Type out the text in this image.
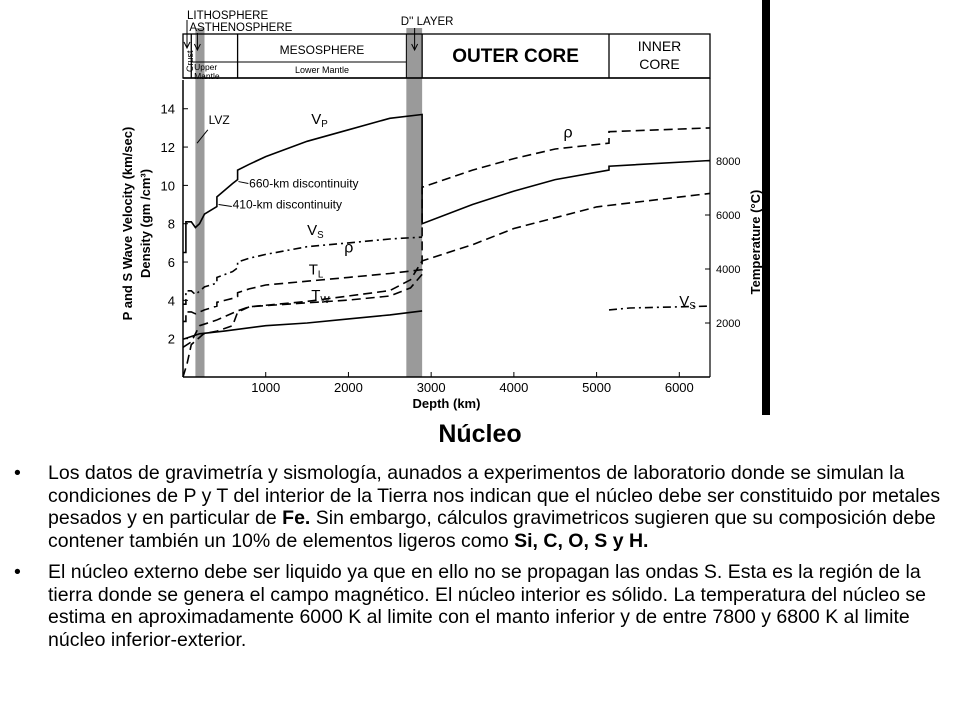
LITHOSPHERE
ASTHENOSPHERE	D'' LAYER
Crust Upper
Mantle
MESOSPHERE
Lower Mantle
OUTER CORE	INNER
CORE
1000	2000	3000	4000	5000	6000
2
4
6
8
10
12
14
2000
4000
6000
8000
Depth (km)
P and S Wave Velocity (km/sec) Density (gm /cm³)	Temperature (°C)
$V_P$
$V_S$
$V_S$
ρ
ρ
$T_L$
$T_W$
LVZ
660-km discontinuity
410-km discontinuity
Núcleo
• Los datos de gravimetría y sismología, aunados a experimentos de laboratorio donde se simulan la condiciones de P y T del interior de la Tierra nos indican que el núcleo debe ser constituido por metales pesados y en particular de Fe. Sin embargo, cálculos gravimetricos sugieren que su composición debe contener también un 10% de elementos ligeros como Si, C, O, S y H.
• El núcleo externo debe ser liquido ya que en ello no se propagan las ondas S. Esta es la región de la tierra donde se genera el campo magnético. El núcleo interior es sólido. La temperatura del núcleo se estima en aproximadamente 6000 K al limite con el manto inferior y de entre 7800 y 6800 K al limite núcleo inferior-exterior.
